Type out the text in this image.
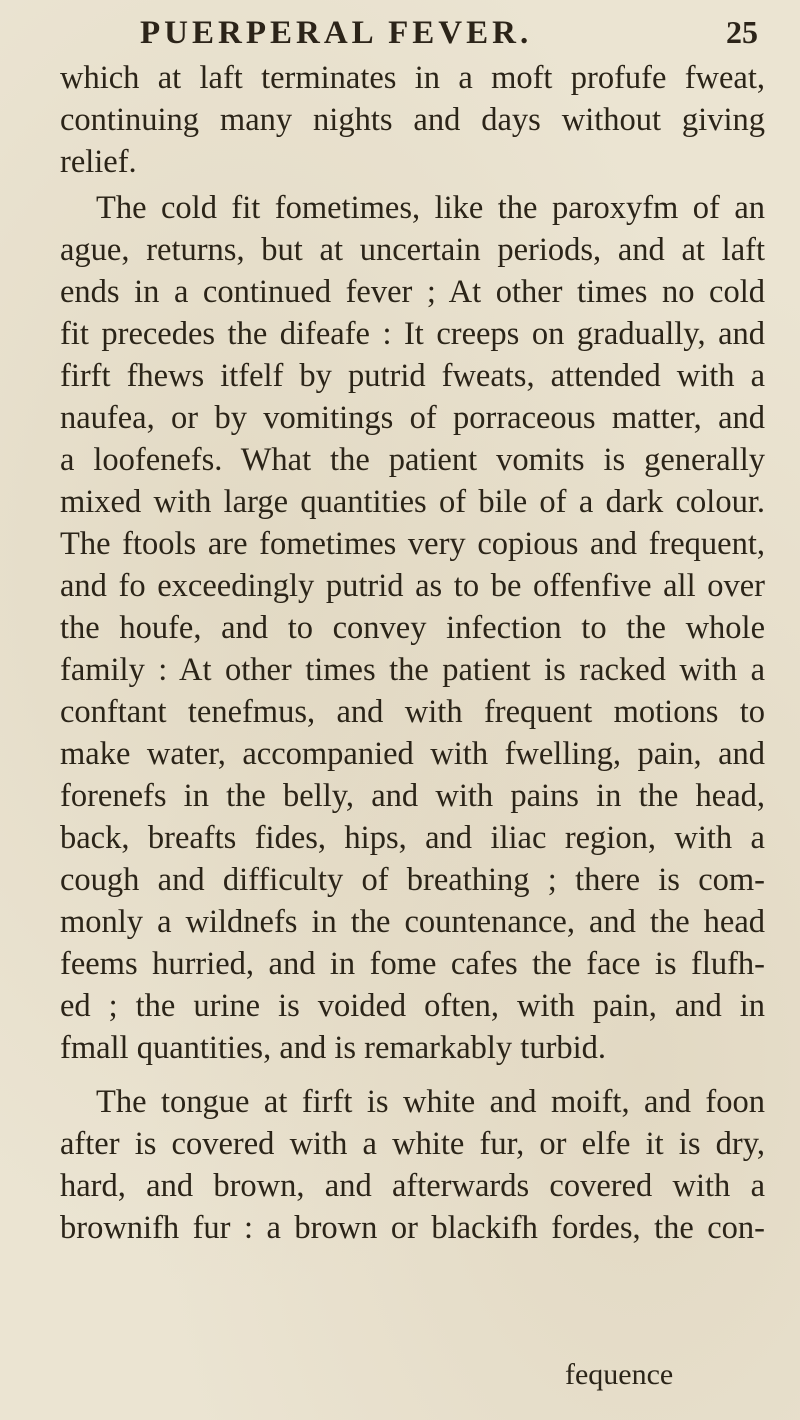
PUERPERAL FEVER.	25
which at laft terminates in a moft profufe fweat,
continuing many nights and days without giving
relief.
The cold fit fometimes, like the paroxyfm of an
ague, returns, but at uncertain periods, and at laft
ends in a continued fever ; At other times no cold
fit precedes the difeafe : It creeps on gradually, and
firft fhews itfelf by putrid fweats, attended with a
naufea, or by vomitings of porraceous matter, and
a loofenefs. What the patient vomits is generally
mixed with large quantities of bile of a dark colour.
The ftools are fometimes very copious and frequent,
and fo exceedingly putrid as to be offenfive all over
the houfe, and to convey infection to the whole
family : At other times the patient is racked with a
conftant tenefmus, and with frequent motions to
make water, accompanied with fwelling, pain, and
forenefs in the belly, and with pains in the head,
back, breafts fides, hips, and iliac region, with a
cough and difficulty of breathing ; there is com-
monly a wildnefs in the countenance, and the head
feems hurried, and in fome cafes the face is flufh-
ed ; the urine is voided often, with pain, and in
fmall quantities, and is remarkably turbid.
The tongue at firft is white and moift, and foon
after is covered with a white fur, or elfe it is dry,
hard, and brown, and afterwards covered with a
brownifh fur : a brown or blackifh fordes, the con-
fequence
